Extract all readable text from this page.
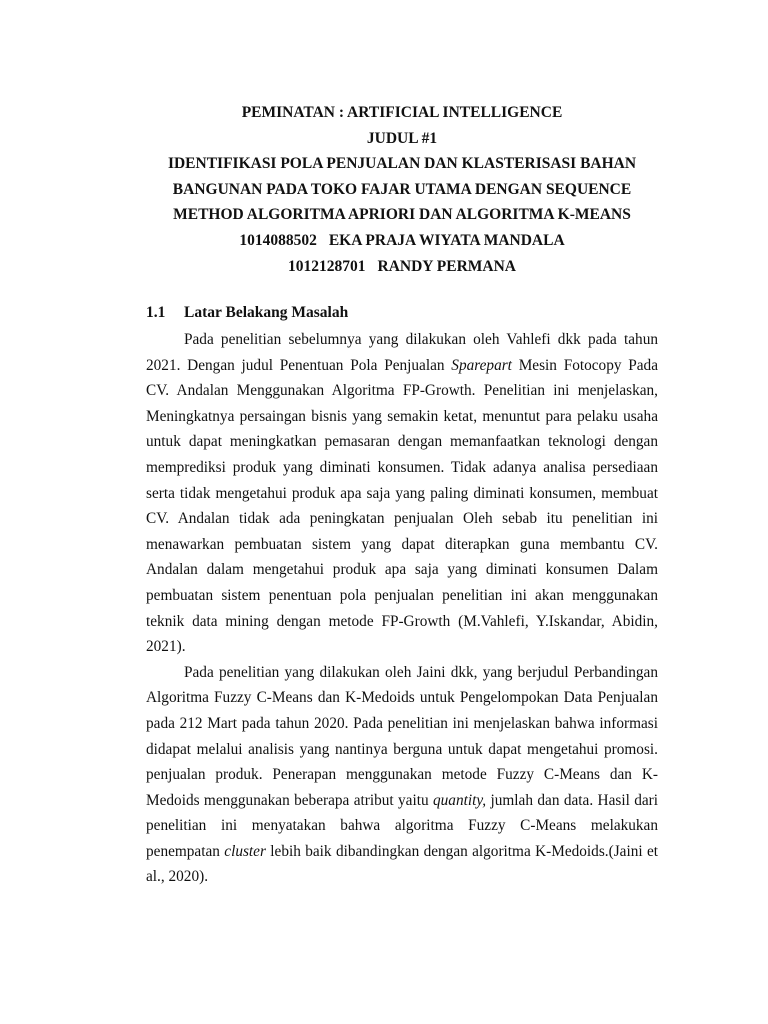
PEMINATAN : ARTIFICIAL INTELLIGENCE
JUDUL #1
IDENTIFIKASI POLA PENJUALAN DAN KLASTERISASI BAHAN
BANGUNAN PADA TOKO FAJAR UTAMA DENGAN SEQUENCE
METHOD ALGORITMA APRIORI DAN ALGORITMA K-MEANS
1014088502 EKA PRAJA WIYATA MANDALA
1012128701 RANDY PERMANA
1.1 Latar Belakang Masalah

Pada penelitian sebelumnya yang dilakukan oleh Vahlefi dkk pada tahun 2021. Dengan judul Penentuan Pola Penjualan Sparepart Mesin Fotocopy Pada CV. Andalan Menggunakan Algoritma FP-Growth. Penelitian ini menjelaskan, Meningkatnya persaingan bisnis yang semakin ketat, menuntut para pelaku usaha untuk dapat meningkatkan pemasaran dengan memanfaatkan teknologi dengan memprediksi produk yang diminati konsumen. Tidak adanya analisa persediaan serta tidak mengetahui produk apa saja yang paling diminati konsumen, membuat CV. Andalan tidak ada peningkatan penjualan Oleh sebab itu penelitian ini menawarkan pembuatan sistem yang dapat diterapkan guna membantu CV. Andalan dalam mengetahui produk apa saja yang diminati konsumen Dalam pembuatan sistem penentuan pola penjualan penelitian ini akan menggunakan teknik data mining dengan metode FP-Growth (M.Vahlefi, Y.Iskandar, Abidin, 2021).

Pada penelitian yang dilakukan oleh Jaini dkk, yang berjudul Perbandingan Algoritma Fuzzy C-Means dan K-Medoids untuk Pengelompokan Data Penjualan pada 212 Mart pada tahun 2020. Pada penelitian ini menjelaskan bahwa informasi didapat melalui analisis yang nantinya berguna untuk dapat mengetahui promosi. penjualan produk. Penerapan menggunakan metode Fuzzy C-Means dan K-Medoids menggunakan beberapa atribut yaitu quantity, jumlah dan data. Hasil dari penelitian ini menyatakan bahwa algoritma Fuzzy C-Means melakukan penempatan cluster lebih baik dibandingkan dengan algoritma K-Medoids.(Jaini et al., 2020).
